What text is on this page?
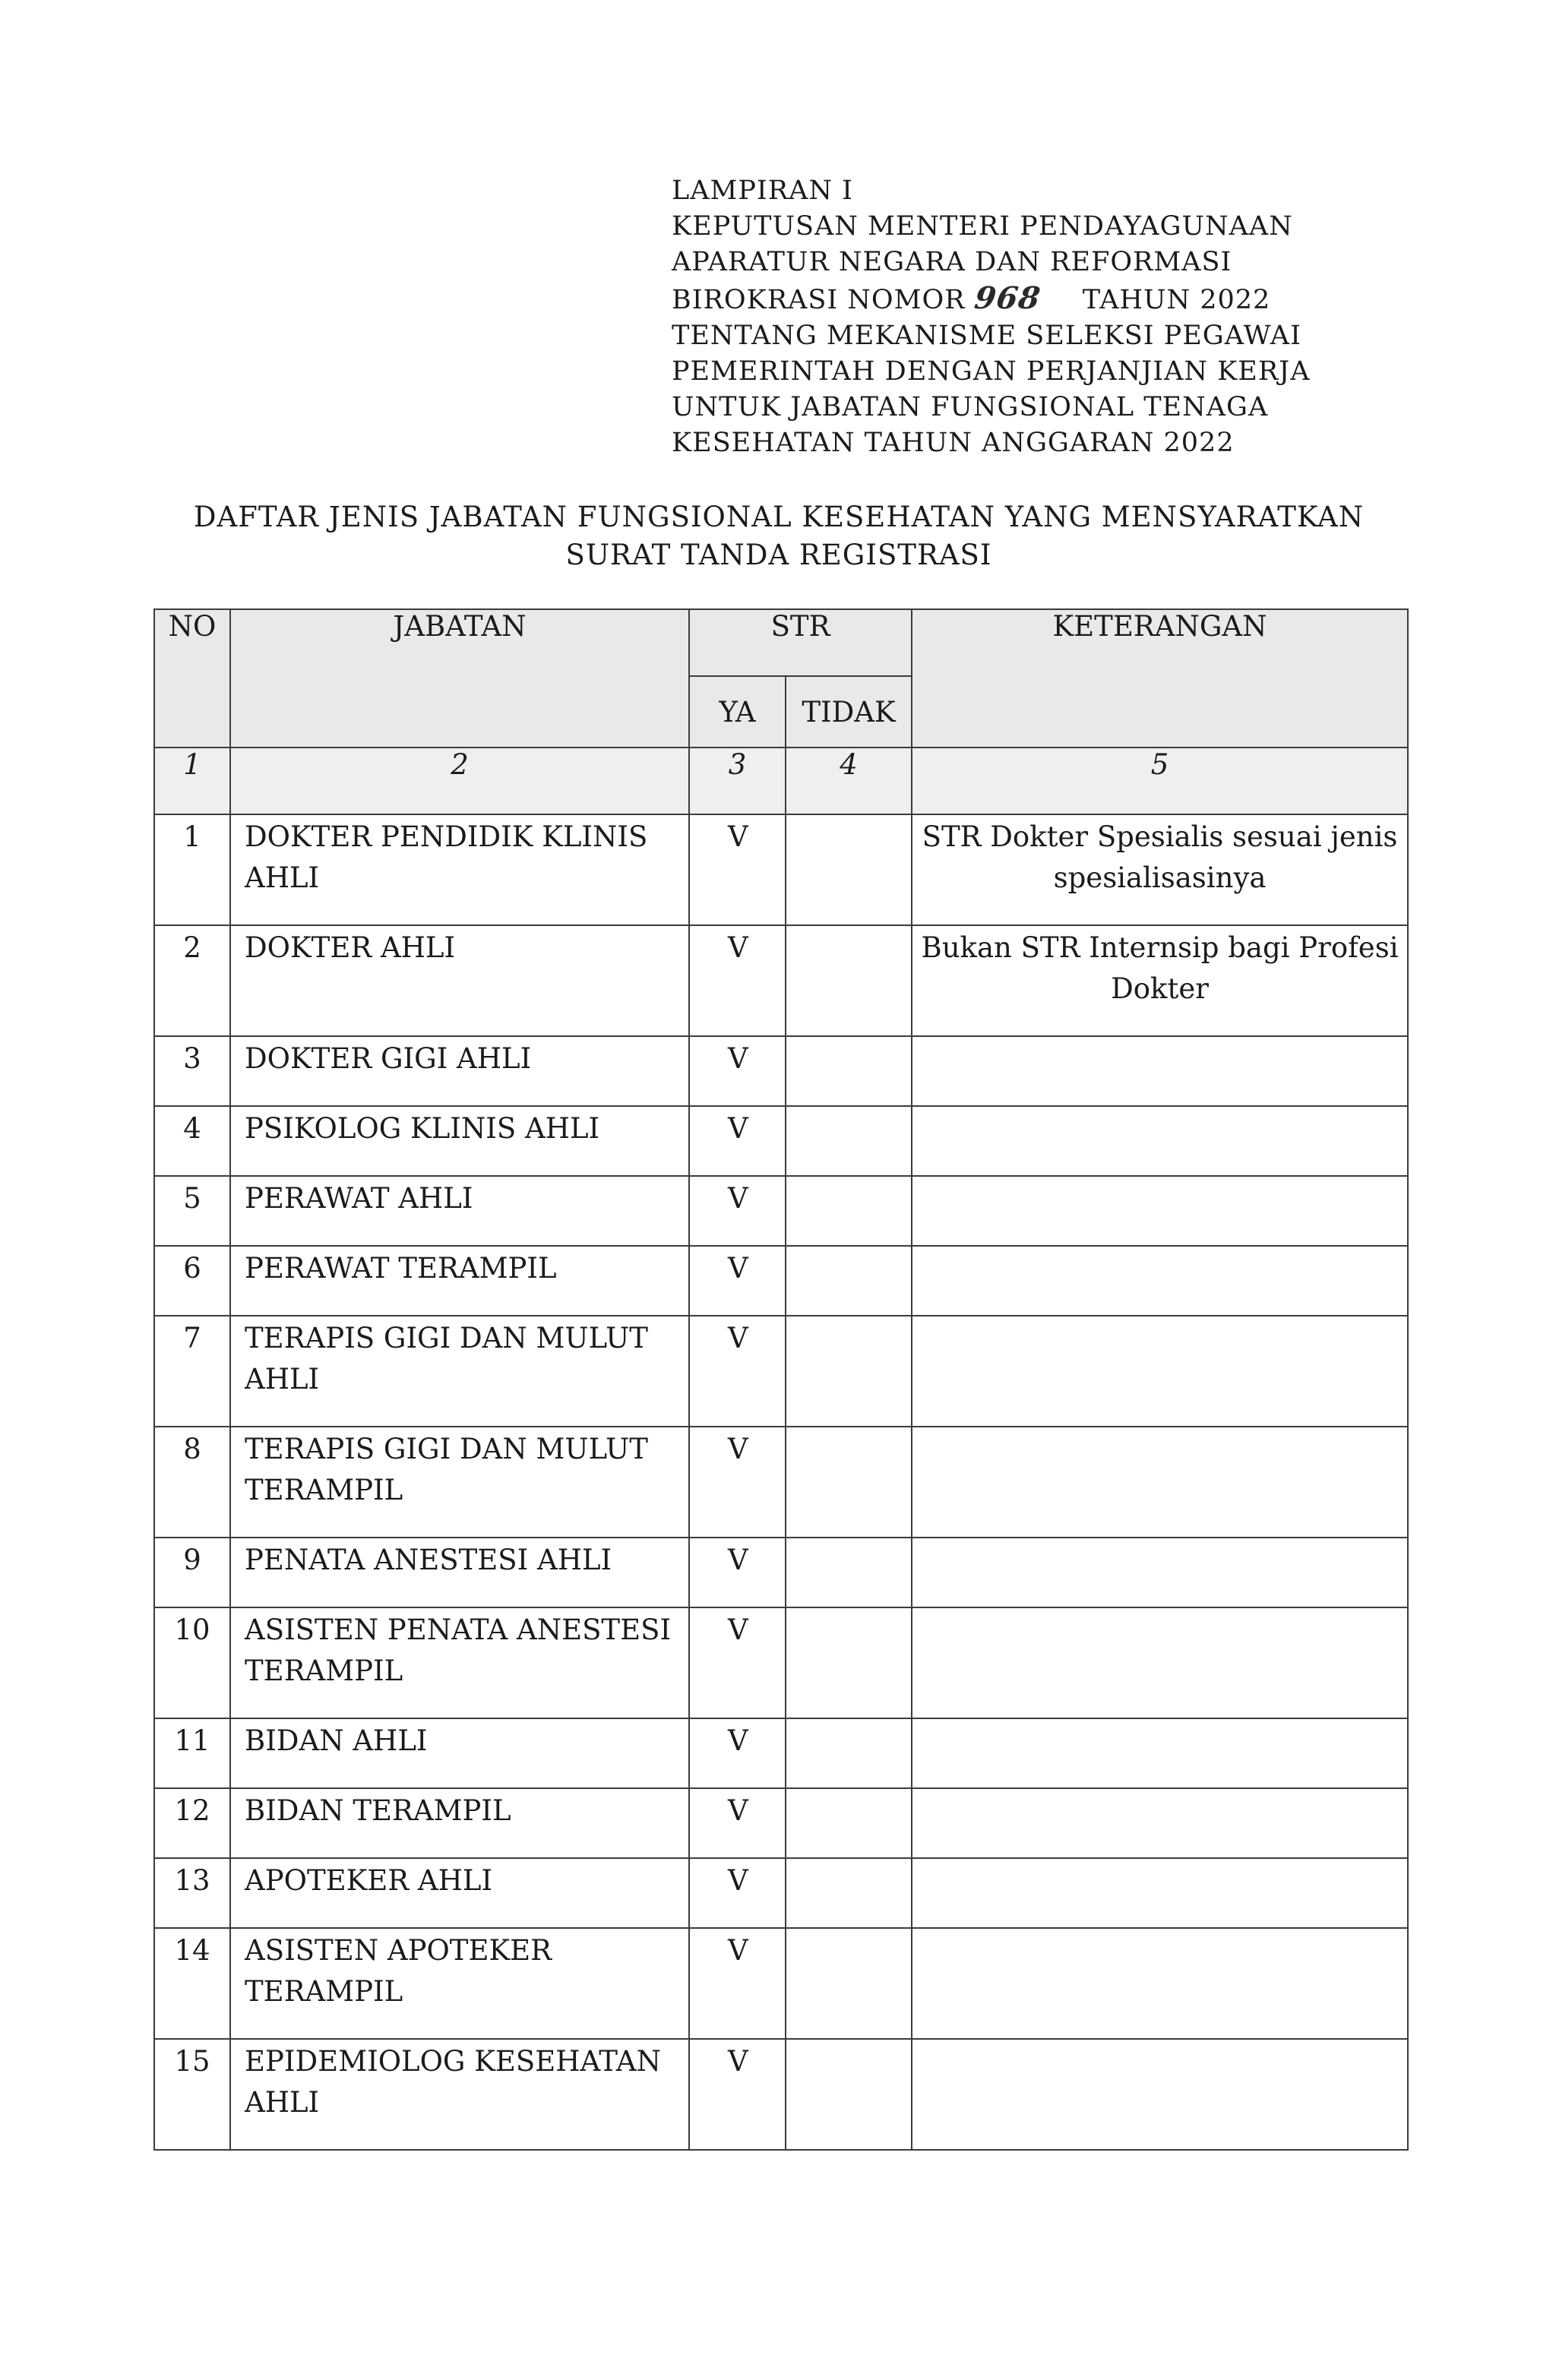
LAMPIRAN I
KEPUTUSAN MENTERI PENDAYAGUNAAN
APARATUR NEGARA DAN REFORMASI
BIROKRASI NOMOR 968 TAHUN 2022
TENTANG MEKANISME SELEKSI PEGAWAI
PEMERINTAH DENGAN PERJANJIAN KERJA
UNTUK JABATAN FUNGSIONAL TENAGA
KESEHATAN TAHUN ANGGARAN 2022
DAFTAR JENIS JABATAN FUNGSIONAL KESEHATAN YANG MENSYARATKAN
SURAT TANDA REGISTRASI
NO	JABATAN	STR		KETERANGAN
		YA	TIDAK	
1	2	3	4	5
1	DOKTER PENDIDIK KLINIS AHLI	V		STR Dokter Spesialis sesuai jenis spesialisasinya
2	DOKTER AHLI	V		Bukan STR Internsip bagi Profesi Dokter
3	DOKTER GIGI AHLI	V		
4	PSIKOLOG KLINIS AHLI	V		
5	PERAWAT AHLI	V		
6	PERAWAT TERAMPIL	V		
7	TERAPIS GIGI DAN MULUT AHLI	V		
8	TERAPIS GIGI DAN MULUT TERAMPIL	V		
9	PENATA ANESTESI AHLI	V		
10	ASISTEN PENATA ANESTESI TERAMPIL	V		
11	BIDAN AHLI	V		
12	BIDAN TERAMPIL	V		
13	APOTEKER AHLI	V		
14	ASISTEN APOTEKER TERAMPIL	V		
15	EPIDEMIOLOG KESEHATAN AHLI	V		
